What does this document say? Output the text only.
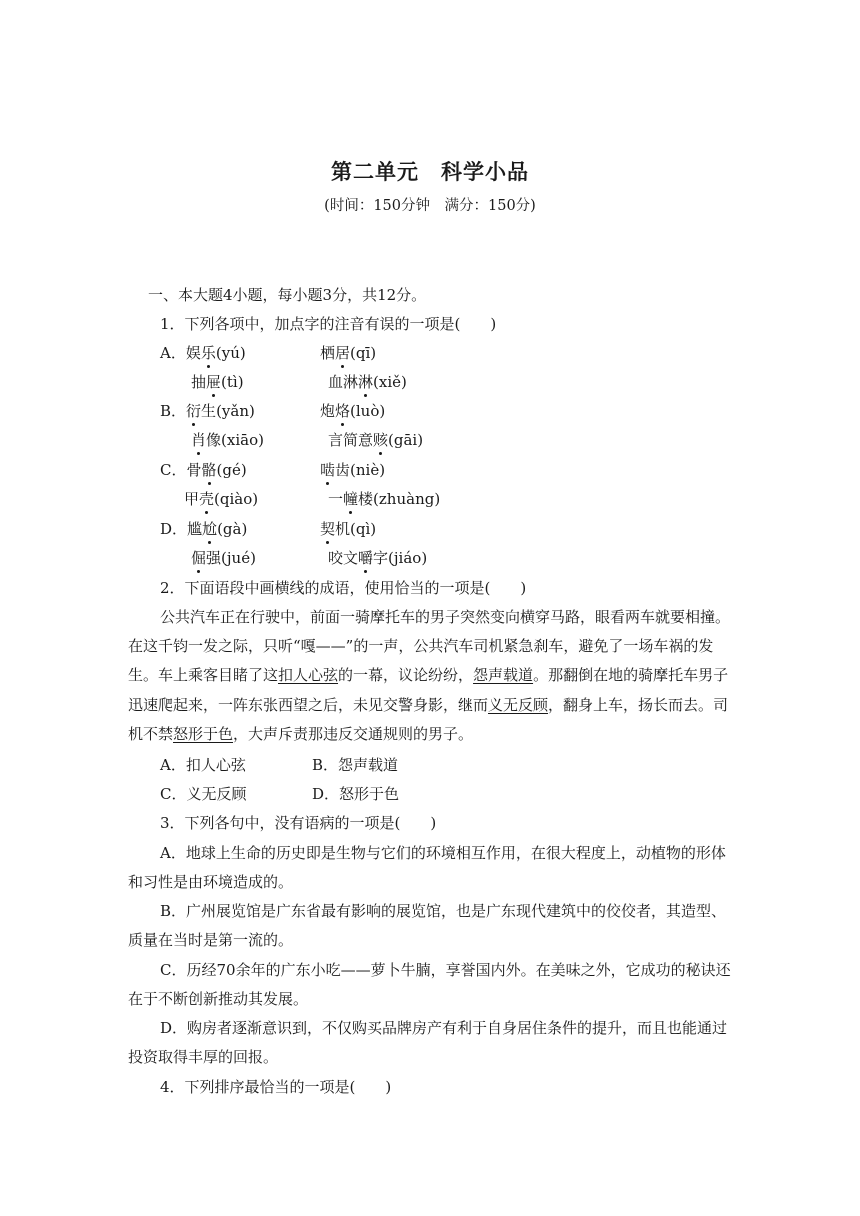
第二单元　科学小品
(时间：150分钟　满分：150分)
一、本大题4小题，每小题3分，共12分。
1．下列各项中，加点字的注音有误的一项是(　　)
A．娱乐(yú)	栖居(qī)
抽屉(tì)	血淋淋(xiě)
B．衍生(yǎn)	炮烙(luò)
肖像(xiāo)	言简意赅(gāi)
C．骨骼(gé)	啮齿(niè)
甲壳(qiào)	一幢楼(zhuàng)
D．尴尬(gà)	契机(qì)
倔强(jué)	咬文嚼字(jiáo)
2．下面语段中画横线的成语，使用恰当的一项是(　　)
公共汽车正在行驶中，前面一骑摩托车的男子突然变向横穿马路，眼看两车就要相撞。
在这千钧一发之际，只听“嘎——”的一声，公共汽车司机紧急刹车，避免了一场车祸的发
生。车上乘客目睹了这扣人心弦的一幕，议论纷纷，怨声载道。那翻倒在地的骑摩托车男子
迅速爬起来，一阵东张西望之后，未见交警身影，继而义无反顾，翻身上车，扬长而去。司
机不禁怒形于色，大声斥责那违反交通规则的男子。
A．扣人心弦	B．怨声载道
C．义无反顾	D．怒形于色
3．下列各句中，没有语病的一项是(　　)
A．地球上生命的历史即是生物与它们的环境相互作用，在很大程度上，动植物的形体
和习性是由环境造成的。
B．广州展览馆是广东省最有影响的展览馆，也是广东现代建筑中的佼佼者，其造型、
质量在当时是第一流的。
C．历经70余年的广东小吃——萝卜牛腩，享誉国内外。在美味之外，它成功的秘诀还
在于不断创新推动其发展。
D．购房者逐渐意识到，不仅购买品牌房产有利于自身居住条件的提升，而且也能通过
投资取得丰厚的回报。
4．下列排序最恰当的一项是(　　)
